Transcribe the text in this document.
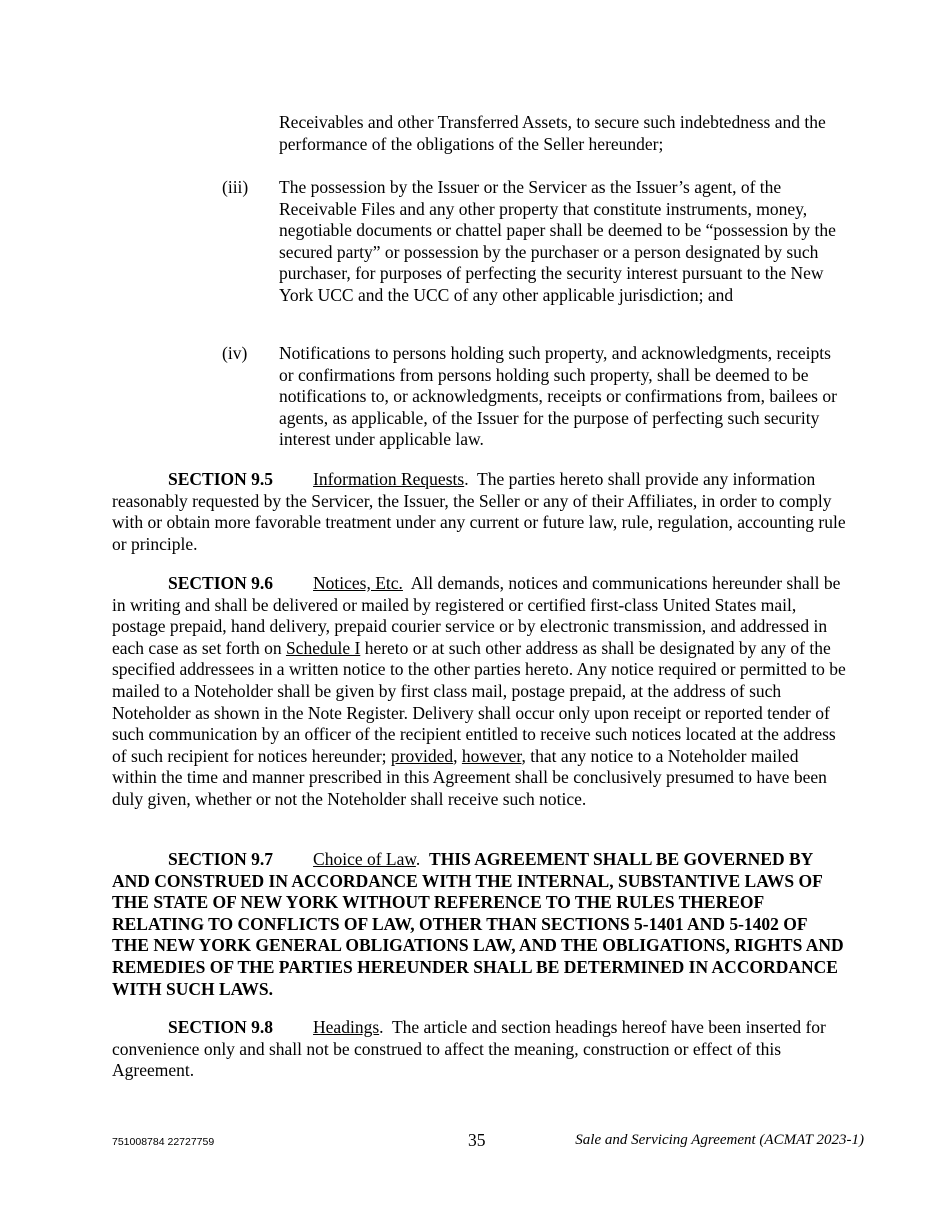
Receivables and other Transferred Assets, to secure such indebtedness and the performance of the obligations of the Seller hereunder;
(iii) The possession by the Issuer or the Servicer as the Issuer’s agent, of the Receivable Files and any other property that constitute instruments, money, negotiable documents or chattel paper shall be deemed to be “possession by the secured party” or possession by the purchaser or a person designated by such purchaser, for purposes of perfecting the security interest pursuant to the New York UCC and the UCC of any other applicable jurisdiction; and
(iv) Notifications to persons holding such property, and acknowledgments, receipts or confirmations from persons holding such property, shall be deemed to be notifications to, or acknowledgments, receipts or confirmations from, bailees or agents, as applicable, of the Issuer for the purpose of perfecting such security interest under applicable law.
SECTION 9.5 Information Requests.  The parties hereto shall provide any information reasonably requested by the Servicer, the Issuer, the Seller or any of their Affiliates, in order to comply with or obtain more favorable treatment under any current or future law, rule, regulation, accounting rule or principle.
SECTION 9.6 Notices, Etc. All demands, notices and communications hereunder shall be in writing and shall be delivered or mailed by registered or certified first-class United States mail, postage prepaid, hand delivery, prepaid courier service or by electronic transmission, and addressed in each case as set forth on Schedule I hereto or at such other address as shall be designated by any of the specified addressees in a written notice to the other parties hereto. Any notice required or permitted to be mailed to a Noteholder shall be given by first class mail, postage prepaid, at the address of such Noteholder as shown in the Note Register. Delivery shall occur only upon receipt or reported tender of such communication by an officer of the recipient entitled to receive such notices located at the address of such recipient for notices hereunder; provided, however, that any notice to a Noteholder mailed within the time and manner prescribed in this Agreement shall be conclusively presumed to have been duly given, whether or not the Noteholder shall receive such notice.
SECTION 9.7 Choice of Law.  THIS AGREEMENT SHALL BE GOVERNED BY AND CONSTRUED IN ACCORDANCE WITH THE INTERNAL, SUBSTANTIVE LAWS OF THE STATE OF NEW YORK WITHOUT REFERENCE TO THE RULES THEREOF RELATING TO CONFLICTS OF LAW, OTHER THAN SECTIONS 5-1401 AND 5-1402 OF THE NEW YORK GENERAL OBLIGATIONS LAW, AND THE OBLIGATIONS, RIGHTS AND REMEDIES OF THE PARTIES HEREUNDER SHALL BE DETERMINED IN ACCORDANCE WITH SUCH LAWS.
SECTION 9.8 Headings.  The article and section headings hereof have been inserted for convenience only and shall not be construed to affect the meaning, construction or effect of this Agreement.
751008784 22727759	35	Sale and Servicing Agreement (ACMAT 2023-1)
